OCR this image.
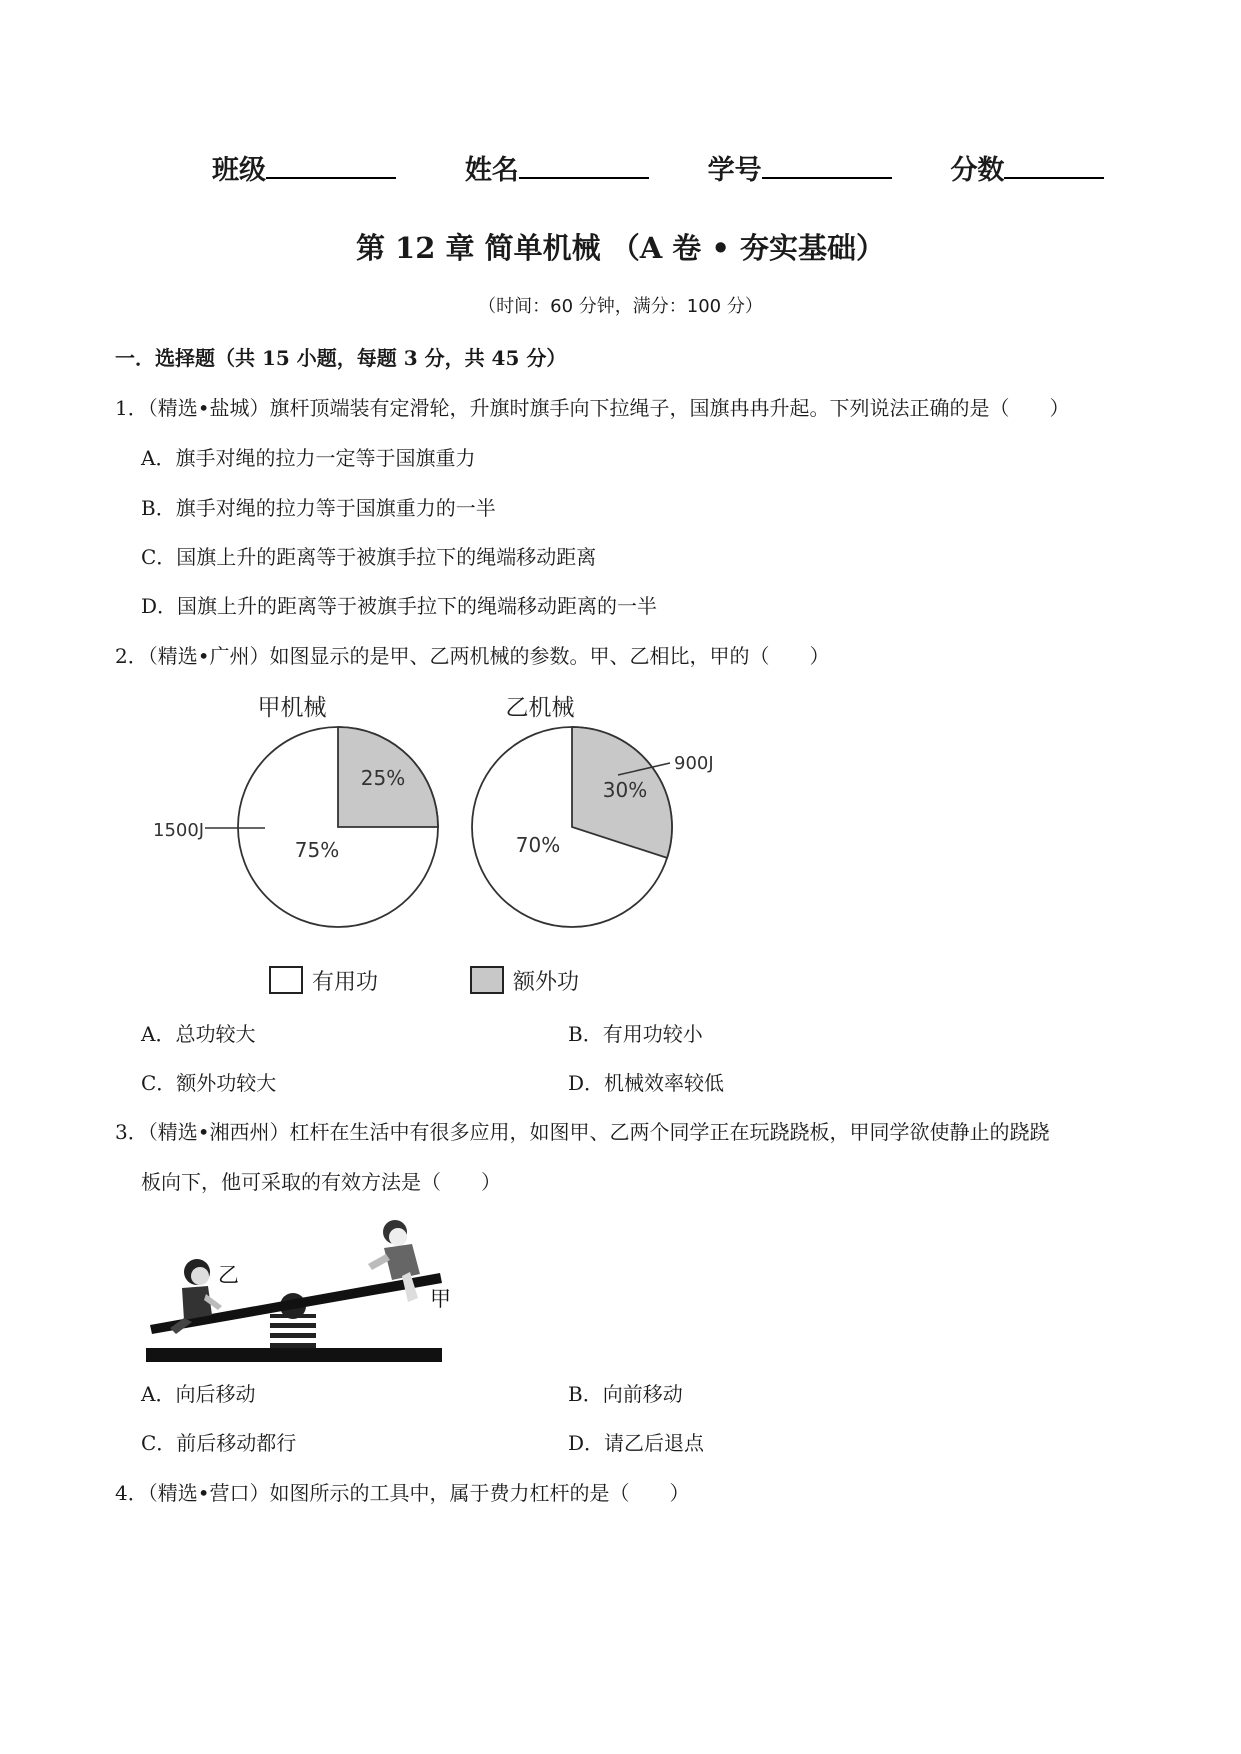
班级	姓名	学号	分数
第 12 章 简单机械 （A 卷 • 夯实基础）
（时间：60 分钟，满分：100 分）
一．选择题（共 15 小题，每题 3 分，共 45 分）
1．（精选•盐城）旗杆顶端装有定滑轮，升旗时旗手向下拉绳子，国旗冉冉升起。下列说法正确的是（　　）
A．旗手对绳的拉力一定等于国旗重力
B．旗手对绳的拉力等于国旗重力的一半
C．国旗上升的距离等于被旗手拉下的绳端移动距离
D．国旗上升的距离等于被旗手拉下的绳端移动距离的一半
2．（精选•广州）如图显示的是甲、乙两机械的参数。甲、乙相比，甲的（　　）
甲机械	乙机械
25%
75%
1500J
30%
70%
900J
有用功	额外功
A．总功较大	B．有用功较小
C．额外功较大	D．机械效率较低
3．（精选•湘西州）杠杆在生活中有很多应用，如图甲、乙两个同学正在玩跷跷板，甲同学欲使静止的跷跷
板向下，他可采取的有效方法是（　　）
乙
甲
A．向后移动	B．向前移动
C．前后移动都行	D．请乙后退点
4．（精选•营口）如图所示的工具中，属于费力杠杆的是（　　）
